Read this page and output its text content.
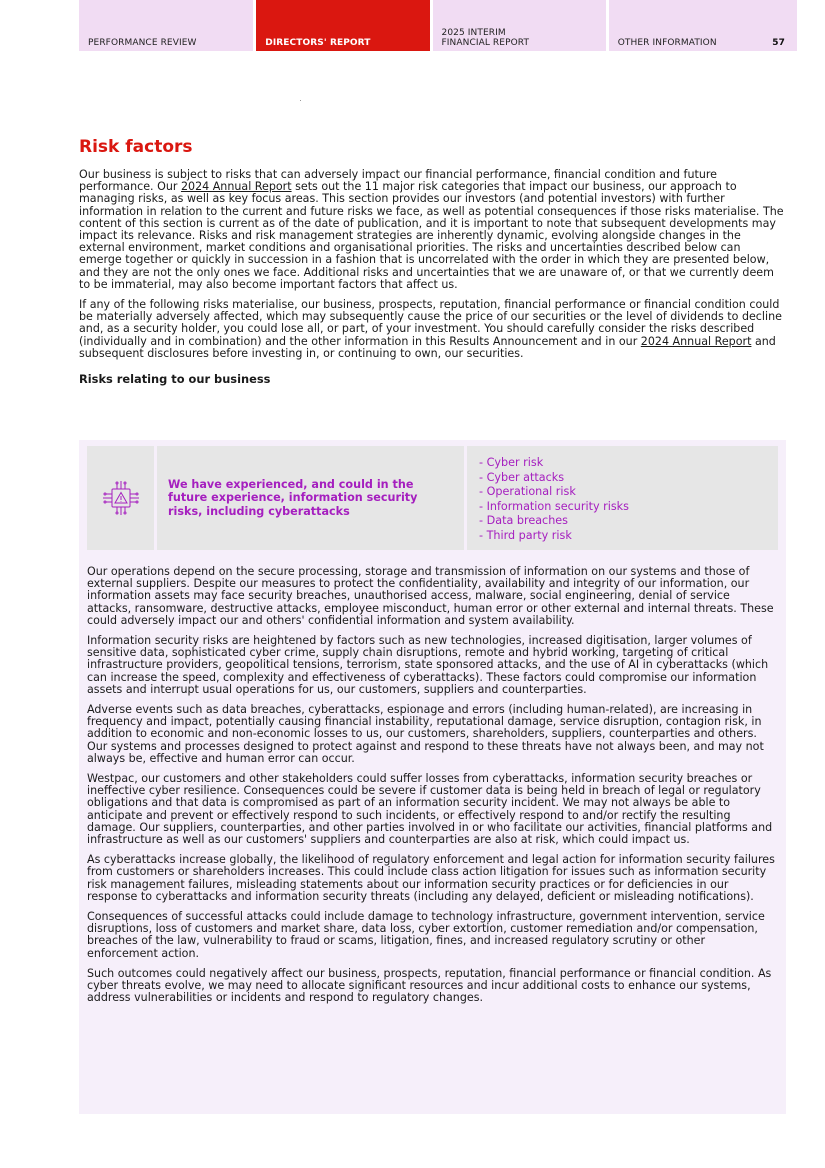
PERFORMANCE REVIEW	DIRECTORS' REPORT
2025 INTERIM
FINANCIAL REPORT	OTHER INFORMATION	57
Risk factors

Our business is subject to risks that can adversely impact our financial performance, financial condition and future performance. Our 2024 Annual Report sets out the 11 major risk categories that impact our business, our approach to managing risks, as well as key focus areas. This section provides our investors (and potential investors) with further information in relation to the current and future risks we face, as well as potential consequences if those risks materialise. The content of this section is current as of the date of publication, and it is important to note that subsequent developments may impact its relevance. Risks and risk management strategies are inherently dynamic, evolving alongside changes in the external environment, market conditions and organisational priorities. The risks and uncertainties described below can emerge together or quickly in succession in a fashion that is uncorrelated with the order in which they are presented below, and they are not the only ones we face. Additional risks and uncertainties that we are unaware of, or that we currently deem to be immaterial, may also become important factors that affect us.

If any of the following risks materialise, our business, prospects, reputation, financial performance or financial condition could be materially adversely affected, which may subsequently cause the price of our securities or the level of dividends to decline and, as a security holder, you could lose all, or part, of your investment. You should carefully consider the risks described (individually and in combination) and the other information in this Results Announcement and in our 2024 Annual Report and subsequent disclosures before investing in, or continuing to own, our securities.

Risks relating to our business
We have experienced, and could in the future experience, information security risks, including cyberattacks
- Cyber risk
- Cyber attacks
- Operational risk
- Information security risks
- Data breaches
- Third party risk

Our operations depend on the secure processing, storage and transmission of information on our systems and those of external suppliers. Despite our measures to protect the confidentiality, availability and integrity of our information, our information assets may face security breaches, unauthorised access, malware, social engineering, denial of service attacks, ransomware, destructive attacks, employee misconduct, human error or other external and internal threats. These could adversely impact our and others' confidential information and system availability.

Information security risks are heightened by factors such as new technologies, increased digitisation, larger volumes of sensitive data, sophisticated cyber crime, supply chain disruptions, remote and hybrid working, targeting of critical infrastructure providers, geopolitical tensions, terrorism, state sponsored attacks, and the use of AI in cyberattacks (which can increase the speed, complexity and effectiveness of cyberattacks). These factors could compromise our information assets and interrupt usual operations for us, our customers, suppliers and counterparties.

Adverse events such as data breaches, cyberattacks, espionage and errors (including human-related), are increasing in frequency and impact, potentially causing financial instability, reputational damage, service disruption, contagion risk, in addition to economic and non-economic losses to us, our customers, shareholders, suppliers, counterparties and others. Our systems and processes designed to protect against and respond to these threats have not always been, and may not always be, effective and human error can occur.

Westpac, our customers and other stakeholders could suffer losses from cyberattacks, information security breaches or ineffective cyber resilience. Consequences could be severe if customer data is being held in breach of legal or regulatory obligations and that data is compromised as part of an information security incident. We may not always be able to anticipate and prevent or effectively respond to such incidents, or effectively respond to and/or rectify the resulting damage. Our suppliers, counterparties, and other parties involved in or who facilitate our activities, financial platforms and infrastructure as well as our customers' suppliers and counterparties are also at risk, which could impact us.

As cyberattacks increase globally, the likelihood of regulatory enforcement and legal action for information security failures from customers or shareholders increases. This could include class action litigation for issues such as information security risk management failures, misleading statements about our information security practices or for deficiencies in our response to cyberattacks and information security threats (including any delayed, deficient or misleading notifications).

Consequences of successful attacks could include damage to technology infrastructure, government intervention, service disruptions, loss of customers and market share, data loss, cyber extortion, customer remediation and/or compensation, breaches of the law, vulnerability to fraud or scams, litigation, fines, and increased regulatory scrutiny or other enforcement action.

Such outcomes could negatively affect our business, prospects, reputation, financial performance or financial condition. As cyber threats evolve, we may need to allocate significant resources and incur additional costs to enhance our systems, address vulnerabilities or incidents and respond to regulatory changes.
